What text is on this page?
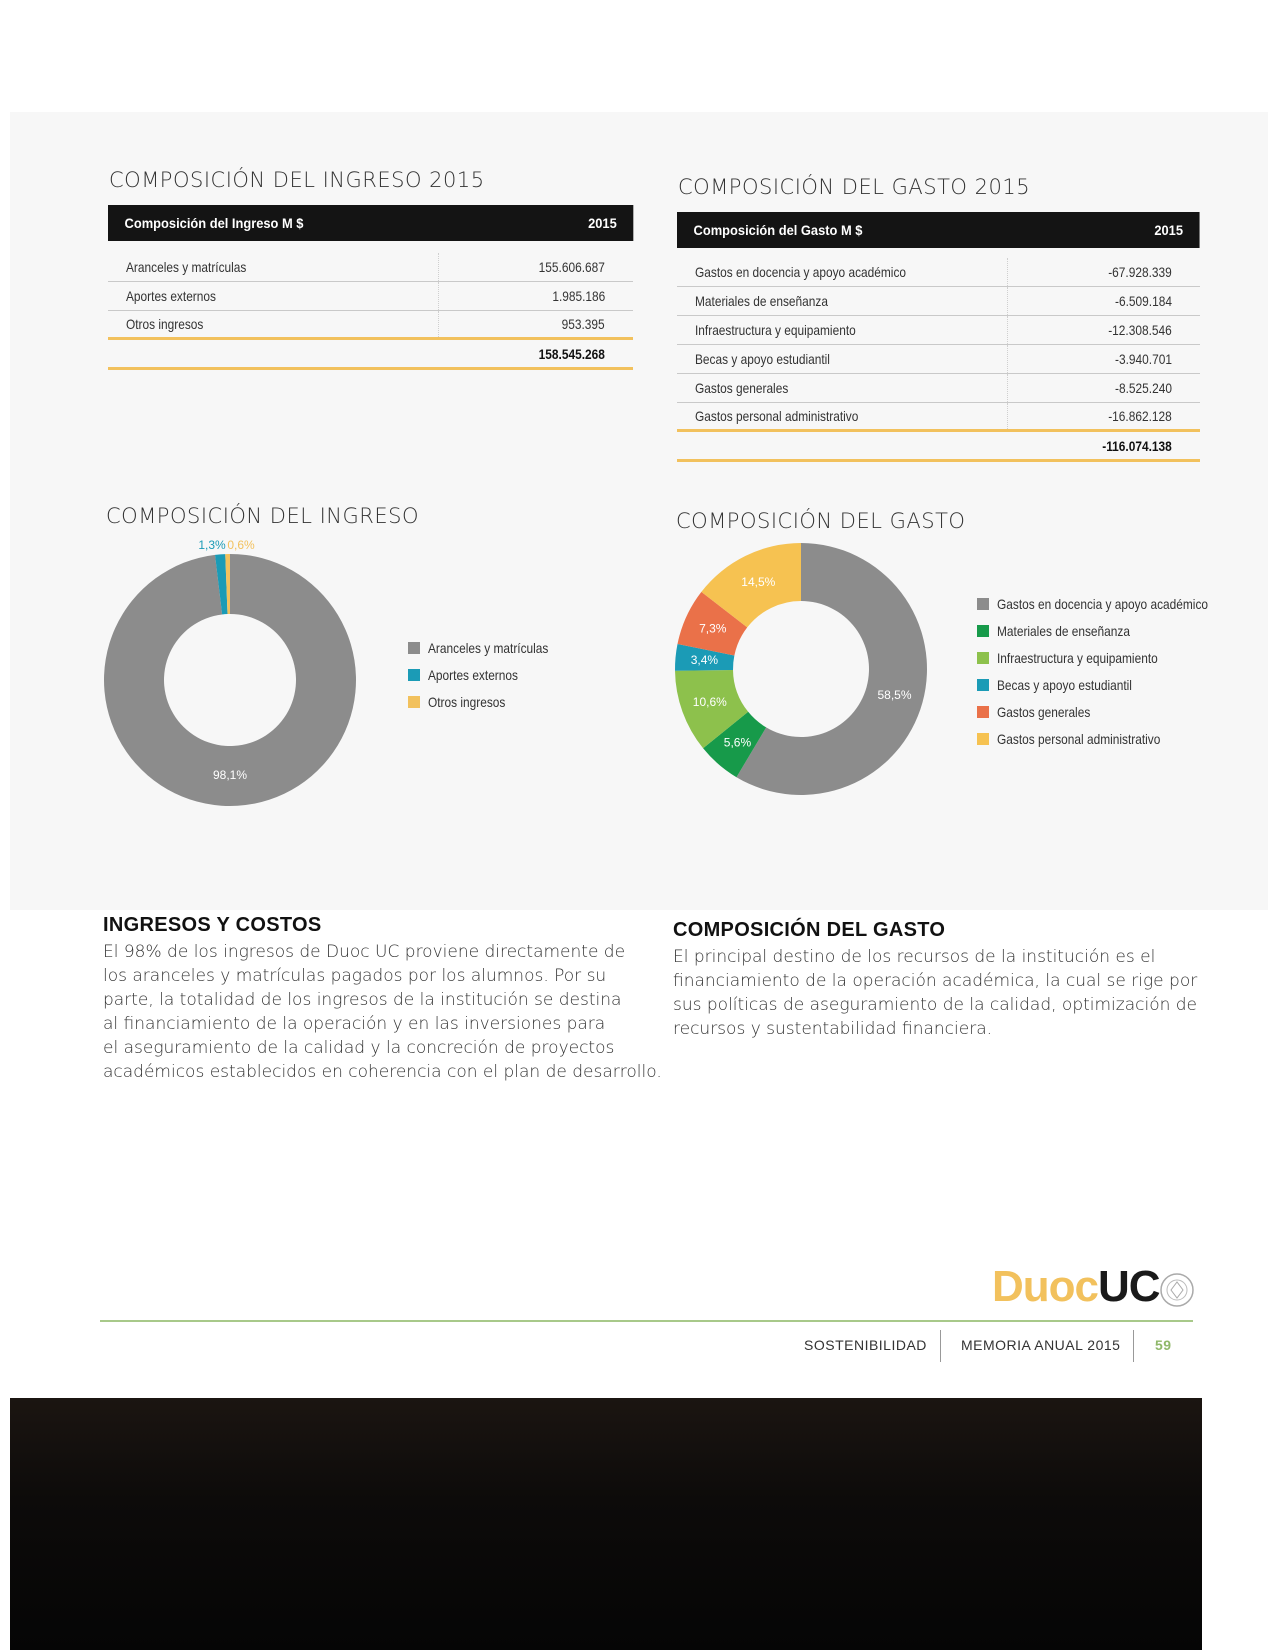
COMPOSICIÓN DEL INGRESO 2015
Composición del Ingreso M $	2015
Aranceles y matrículas	155.606.687
Aportes externos	1.985.186
Otros ingresos	953.395
158.545.268
COMPOSICIÓN DEL GASTO 2015
Composición del Gasto M $	2015
Gastos en docencia y apoyo académico	-67.928.339
Materiales de enseñanza	-6.509.184
Infraestructura y equipamiento	-12.308.546
Becas y apoyo estudiantil	-3.940.701
Gastos generales	-8.525.240
Gastos personal administrativo	-16.862.128
-116.074.138
COMPOSICIÓN DEL INGRESO
98,1%
1,3% 0,6%
Aranceles y matrículas
Aportes externos
Otros ingresos
COMPOSICIÓN DEL GASTO
58,5%
5,6%
10,6%
3,4%
7,3%
14,5%
Gastos en docencia y apoyo académico
Materiales de enseñanza
Infraestructura y equipamiento
Becas y apoyo estudiantil
Gastos generales
Gastos personal administrativo
INGRESOS Y COSTOS
El 98% de los ingresos de Duoc UC proviene directamente de
los aranceles y matrículas pagados por los alumnos. Por su
parte, la totalidad de los ingresos de la institución se destina
al financiamiento de la operación y en las inversiones para
el aseguramiento de la calidad y la concreción de proyectos
académicos establecidos en coherencia con el plan de desarrollo.
COMPOSICIÓN DEL GASTO
El principal destino de los recursos de la institución es el
financiamiento de la operación académica, la cual se rige por
sus políticas de aseguramiento de la calidad, optimización de
recursos y sustentabilidad financiera.
DuocUC
SOSTENIBILIDAD MEMORIA ANUAL 2015 59
